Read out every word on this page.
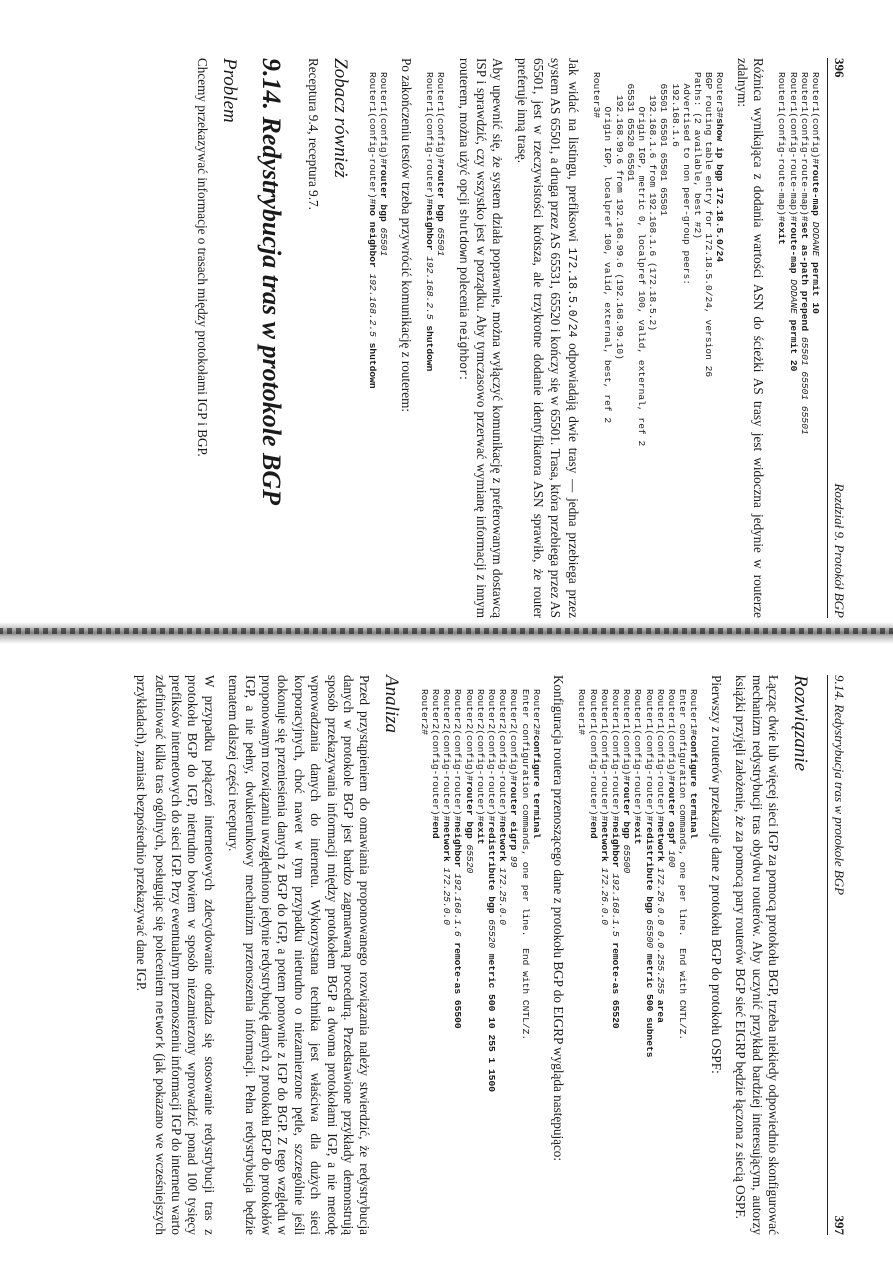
396
Rozdział 9. Protokół BGP
Router1(config)#route-map DODANE permit 10
Router1(config-route-map)#set as-path prepend 65501 65501 65501
Router1(config-route-map)#route-map DODANE permit 20
Router1(config-route-map)#exit

Różnica wynikająca z dodania wartości ASN do ścieżki AS trasy jest widoczna jedynie w routerze zdalnym:

Router3#show ip bgp 172.18.5.0/24
BGP routing table entry for 172.18.5.0/24, version 26
Paths: (2 available, best #2)
Advertised to non peer-group peers:
192.168.1.6
65501 65501 65501 65501
192.168.1.6 from 192.168.1.6 (172.18.5.2)
Origin IGP, metric 0, localpref 100, valid, external, ref 2
65531 65520 65501
192.168.99.6 from 192.168.99.6 (192.168.99.10)
Origin IGP, localpref 100, valid, external, best, ref 2
Router3#

Jak widać na listingu, prefiksowi 172.18.5.0/24 odpowiadają dwie trasy — jedna przebiega przez system AS 65501, a druga przez AS 65531, 65520 i kończy się w 65501. Trasa, która przebiega przez AS 65501, jest w rzeczywistości krótsza, ale trzykrotne dodanie identyfikatora ASN sprawiło, że router preferuje inną trasę.

Aby upewnić się, że system działa poprawnie, można wyłączyć komunikację z preferowanym dostawcą ISP i sprawdzić, czy wszystko jest w porządku. Aby tymczasowo przerwać wymianę informacji z innym routerem, można użyć opcji shutdown polecenia neighbor:

Router1(config)#router bgp 65501
Router1(config-router)#neighbor 192.168.2.5 shutdown

Po zakończeniu testów trzeba przywrócić komunikację z routerem:

Router1(config)#router bgp 65501
Router1(config-router)#no neighbor 192.168.2.5 shutdown

Zobacz również

Receptura 9.4, receptura 9.7.

9.14. Redystrybucja tras w protokole BGP
Problem

Chcemy przekazywać informacje o trasach między protokołami IGP i BGP.

9.14. Redystrybucja tras w protokole BGP
397
Rozwiązanie

Łącząc dwie lub więcej sieci IGP za pomocą protokołu BGP, trzeba niekiedy odpowiednio skonfigurować mechanizm redystrybucji tras obydwu routerów. Aby uczynić przykład bardziej interesującym, autorzy książki przyjęli założenie, że za pomocą pary routerów BGP sieć EIGRP będzie łączona z siecią OSPF.

Pierwszy z routerów przekazuje dane z protokołu BGP do protokołu OSPF:

Router1#configure terminal
Enter configuration commands, one per line.  End with CNTL/Z.
Router1(config)#router ospf 100
Router1(config-router)#network 172.26.0.0 0.0.255.255 area
Router1(config-router)#redistribute bgp 65500 metric 500 subnets
Router1(config-router)#exit
Router1(config)#router bgp 65500
Router1(config-router)#neighbor 192.168.1.5 remote-as 65520
Router1(config-router)#network 172.26.0.0
Router1(config-router)#end
Router1#

Konfiguracja routera przenoszącego dane z protokołu BGP do EIGRP wygląda następująco:

Router2#configure terminal
Enter configuration commands, one per line.  End with CNTL/Z.
Router2(config)#router eigrp 99
Router2(config-router)#network 172.25.0.0
Router2(config-router)#redistribute bgp 65520 metric 500 10 255 1 1500
Router2(config-router)#exit
Router2(config)#router bgp 65520
Router2(config-router)#neighbor 192.168.1.6 remote-as 65500
Router2(config-router)#network 172.25.0.0
Router2(config-router)#end
Router2#

Analiza

Przed przystąpieniem do omawiania proponowanego rozwiązania należy stwierdzić, że redystrybucja danych w protokole BGP jest bardzo zagmatwaną procedurą. Przedstawione przykłady demonstrują sposób przekazywania informacji między protokołem BGP a dwoma protokołami IGP, a nie metodę wprowadzania danych do internetu. Wykorzystana technika jest właściwa dla dużych sieci korporacyjnych, choć nawet w tym przypadku nietrudno o niezamierzone pętle, szczególnie jeśli dokonuje się przeniesienia danych z BGP do IGP, a potem ponownie z IGP do BGP. Z tego względu w proponowanym rozwiązaniu uwzględniono jedynie redystrybucję danych z protokołu BGP do protokołów IGP, a nie pełny, dwukierunkowy mechanizm przenoszenia informacji. Pełna redystrybucja będzie tematem dalszej części receptury.

W przypadku połączeń internetowych zdecydowanie odradza się stosowanie redystrybucji tras z protokołu BGP do IGP, nietrudno bowiem w sposób niezamierzony wprowadzić ponad 100 tysięcy prefiksów internetowych do sieci IGP. Przy ewentualnym przenoszeniu informacji IGP do internetu warto zdefiniować kilka tras ogólnych, posługując się poleceniem network (jak pokazano we wcześniejszych przykładach), zamiast bezpośrednio przekazywać dane IGP.
